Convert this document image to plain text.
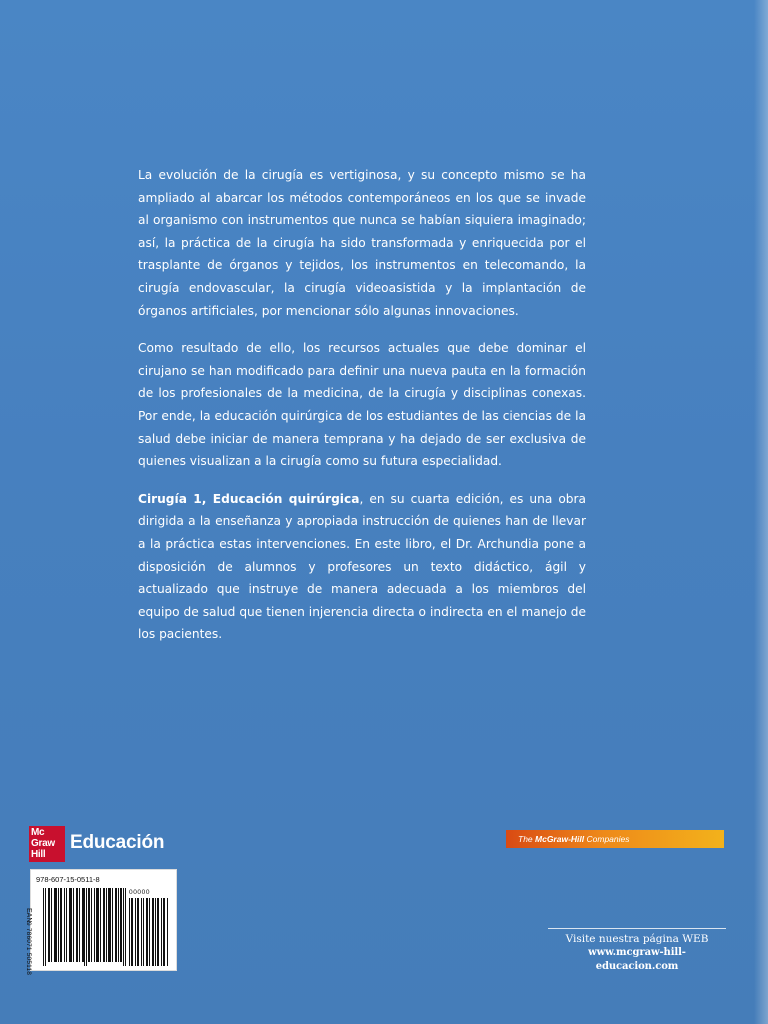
La evolución de la cirugía es vertiginosa, y su concepto mismo se ha ampliado al abarcar los métodos contemporáneos en los que se invade al organismo con instrumentos que nunca se habían siquiera imaginado; así, la práctica de la cirugía ha sido transformada y enriquecida por el trasplante de órganos y tejidos, los instrumentos en telecomando, la cirugía endovascular, la cirugía videoasistida y la implantación de órganos artificiales, por mencionar sólo algunas innovaciones.

Como resultado de ello, los recursos actuales que debe dominar el cirujano se han modificado para definir una nueva pauta en la formación de los profesionales de la medicina, de la cirugía y disciplinas conexas. Por ende, la educación quirúrgica de los estudiantes de las ciencias de la salud debe iniciar de manera temprana y ha dejado de ser exclusiva de quienes visualizan a la cirugía como su futura especialidad.

Cirugía 1, Educación quirúrgica, en su cuarta edición, es una obra dirigida a la enseñanza y apropiada instrucción de quienes han de llevar a la práctica estas intervenciones. En este libro, el Dr. Archundia pone a disposición de alumnos y profesores un texto didáctico, ágil y actualizado que instruye de manera adecuada a los miembros del equipo de salud que tienen injerencia directa o indirecta en el manejo de los pacientes.

Mc
Graw
Hill
Educación	The McGraw-Hill Companies
978-607-15-0511-8
EAN
9 786071 505118
00000
Visite nuestra página WEB
www.mcgraw-hill-educacion.com
